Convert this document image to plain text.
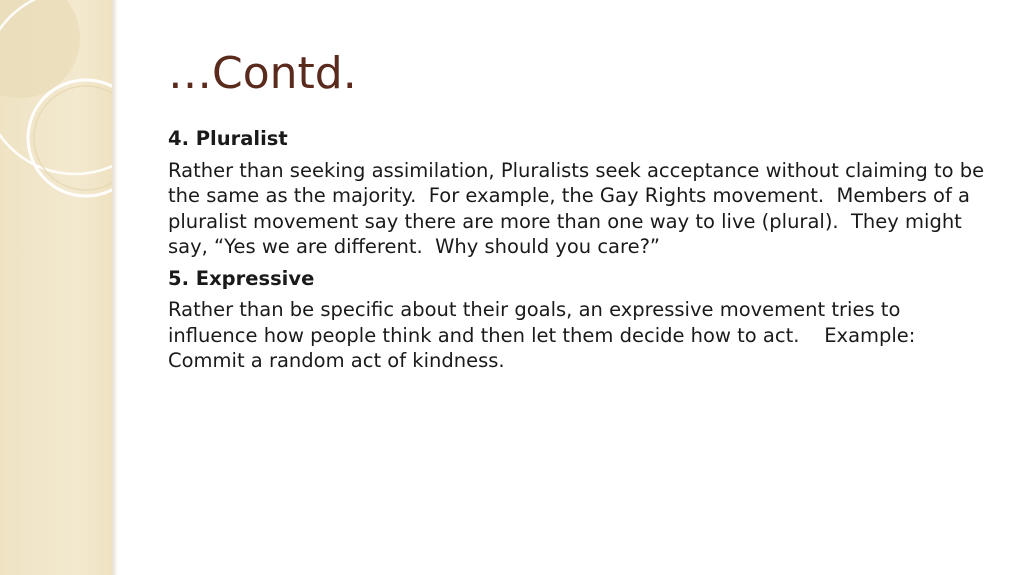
…Contd.

4. Pluralist

Rather than seeking assimilation, Pluralists seek acceptance without claiming to be the same as the majority.  For example, the Gay Rights movement.  Members of a pluralist movement say there are more than one way to live (plural).  They might say, “Yes we are different.  Why should you care?”

5. Expressive

Rather than be specific about their goals, an expressive movement tries to influence how people think and then let them decide how to act.    Example: Commit a random act of kindness.
